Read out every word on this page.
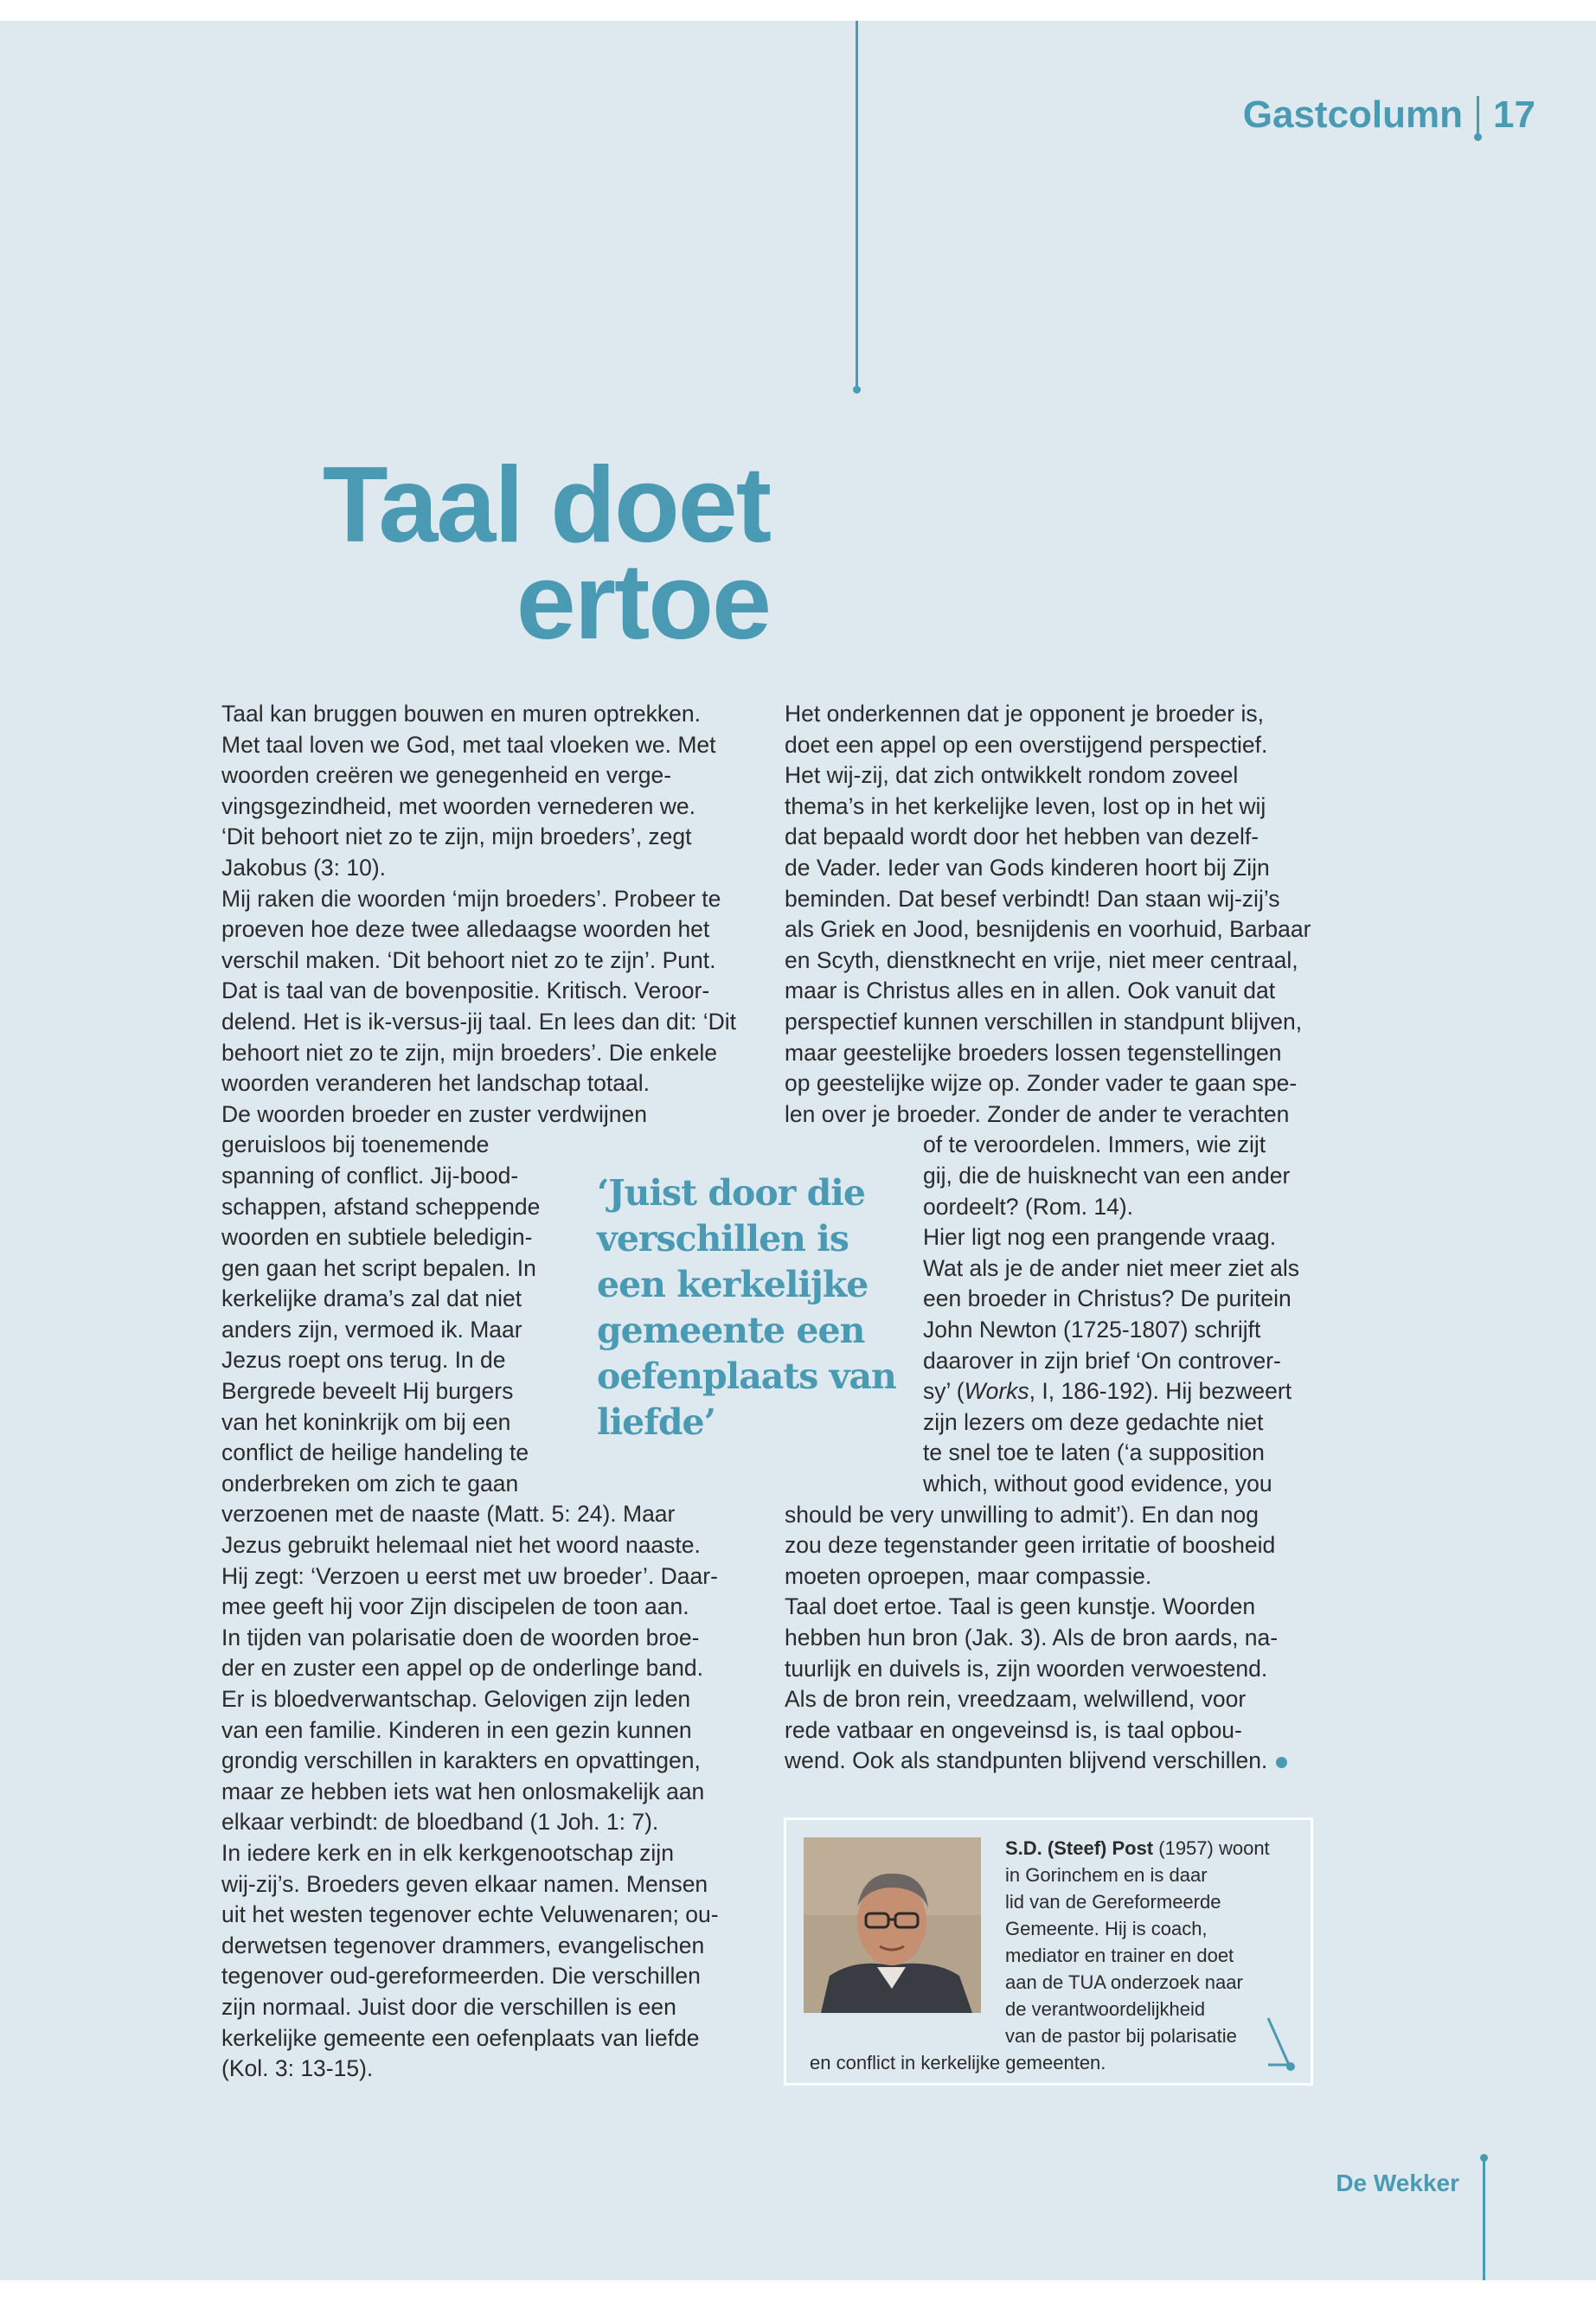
Gastcolumn 17
Taal doet
ertoe

Taal kan bruggen bouwen en muren optrekken.

Met taal loven we God, met taal vloeken we. Met

woorden creëren we genegenheid en verge-

vingsgezindheid, met woorden vernederen we.

‘Dit behoort niet zo te zijn, mijn broeders’, zegt

Jakobus (3: 10).

Mij raken die woorden ‘mijn broeders’. Probeer te

proeven hoe deze twee alledaagse woorden het

verschil maken. ‘Dit behoort niet zo te zijn’. Punt.

Dat is taal van de bovenpositie. Kritisch. Veroor-

delend. Het is ik-versus-jij taal. En lees dan dit: ‘Dit

behoort niet zo te zijn, mijn broeders’. Die enkele

woorden veranderen het landschap totaal.

De woorden broeder en zuster verdwijnen

geruisloos bij toenemende

spanning of conflict. Jij-bood-

schappen, afstand scheppende

woorden en subtiele beledigin-

gen gaan het script bepalen. In

kerkelijke drama’s zal dat niet

anders zijn, vermoed ik. Maar

Jezus roept ons terug. In de

Bergrede beveelt Hij burgers

van het koninkrijk om bij een

conflict de heilige handeling te

onderbreken om zich te gaan

verzoenen met de naaste (Matt. 5: 24). Maar

Jezus gebruikt helemaal niet het woord naaste.

Hij zegt: ‘Verzoen u eerst met uw broeder’. Daar-

mee geeft hij voor Zijn discipelen de toon aan.

In tijden van polarisatie doen de woorden broe-

der en zuster een appel op de onderlinge band.

Er is bloedverwantschap. Gelovigen zijn leden

van een familie. Kinderen in een gezin kunnen

grondig verschillen in karakters en opvattingen,

maar ze hebben iets wat hen onlosmakelijk aan

elkaar verbindt: de bloedband (1 Joh. 1: 7).

In iedere kerk en in elk kerkgenootschap zijn

wij-zij’s. Broeders geven elkaar namen. Mensen

uit het westen tegenover echte Veluwenaren; ou-

derwetsen tegenover drammers, evangelischen

tegenover oud-gereformeerden. Die verschillen

zijn normaal. Juist door die verschillen is een

kerkelijke gemeente een oefenplaats van liefde

(Kol. 3: 13-15).

‘Juist door die
verschillen is
een kerkelijke
gemeente een
oefenplaats van
liefde’

Het onderkennen dat je opponent je broeder is,

doet een appel op een overstijgend perspectief.

Het wij-zij, dat zich ontwikkelt rondom zoveel

thema’s in het kerkelijke leven, lost op in het wij

dat bepaald wordt door het hebben van dezelf-

de Vader. Ieder van Gods kinderen hoort bij Zijn

beminden. Dat besef verbindt! Dan staan wij-zij’s

als Griek en Jood, besnijdenis en voorhuid, Barbaar

en Scyth, dienstknecht en vrije, niet meer centraal,

maar is Christus alles en in allen. Ook vanuit dat

perspectief kunnen verschillen in standpunt blijven,

maar geestelijke broeders lossen tegenstellingen

op geestelijke wijze op. Zonder vader te gaan spe-

len over je broeder. Zonder de ander te verachten

of te veroordelen. Immers, wie zijt

gij, die de huisknecht van een ander

oordeelt? (Rom. 14).

Hier ligt nog een prangende vraag.

Wat als je de ander niet meer ziet als

een broeder in Christus? De puritein

John Newton (1725-1807) schrijft

daarover in zijn brief ‘On controver-

sy’ (Works, I, 186-192). Hij bezweert

zijn lezers om deze gedachte niet

te snel toe te laten (‘a supposition

which, without good evidence, you

should be very unwilling to admit’). En dan nog

zou deze tegenstander geen irritatie of boosheid

moeten oproepen, maar compassie.

Taal doet ertoe. Taal is geen kunstje. Woorden

hebben hun bron (Jak. 3). Als de bron aards, na-

tuurlijk en duivels is, zijn woorden verwoestend.

Als de bron rein, vreedzaam, welwillend, voor

rede vatbaar en ongeveinsd is, is taal opbou-

wend. Ook als standpunten blijvend verschillen.

S.D. (Steef) Post (1957) woont
in Gorinchem en is daar
lid van de Gereformeerde
Gemeente. Hij is coach,
mediator en trainer en doet
aan de TUA onderzoek naar
de verantwoordelijkheid
van de pastor bij polarisatie
en conflict in kerkelijke gemeenten.
De Wekker
